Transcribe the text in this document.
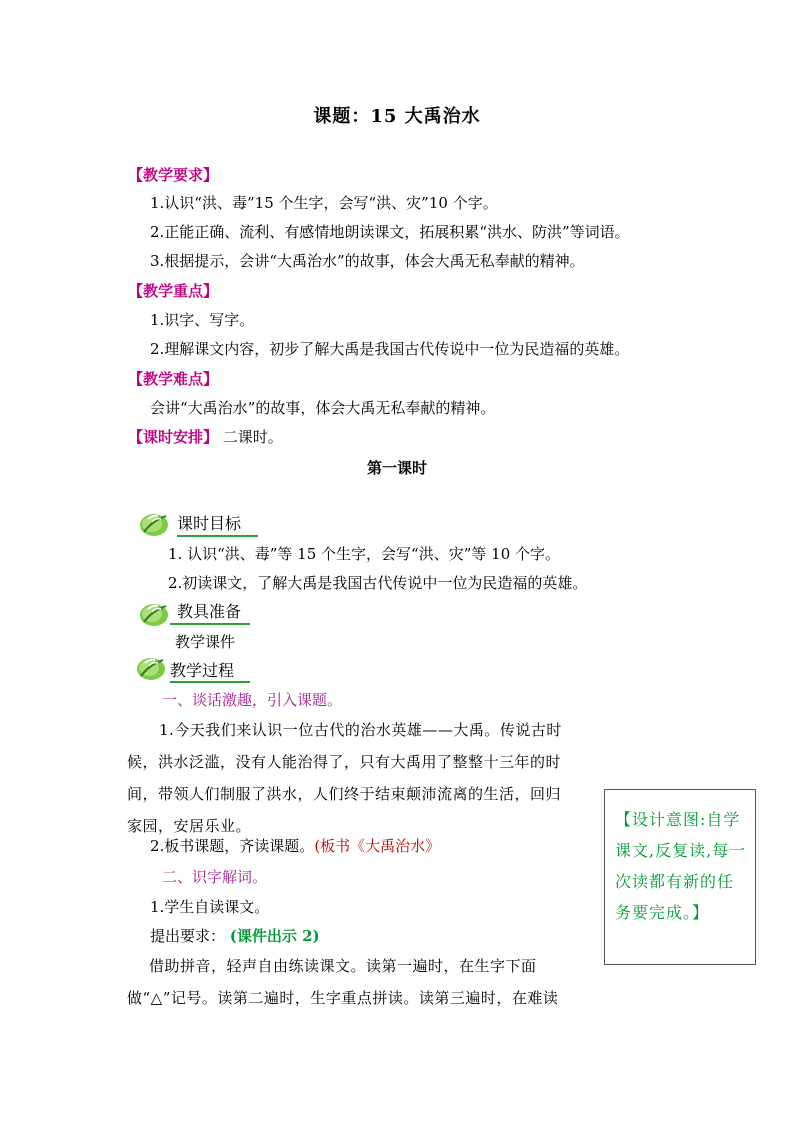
课题：15 大禹治水
【教学要求】
1.认识“洪、毒”15 个生字，会写“洪、灾”10 个字。
2.正能正确、流利、有感情地朗读课文，拓展积累“洪水、防洪”等词语。
3.根据提示，会讲“大禹治水”的故事，体会大禹无私奉献的精神。
【教学重点】
1.识字、写字。
2.理解课文内容，初步了解大禹是我国古代传说中一位为民造福的英雄。
【教学难点】
会讲“大禹治水”的故事，体会大禹无私奉献的精神。
【课时安排】 二课时。
第一课时
课时目标
1. 认识“洪、毒”等 15 个生字，会写“洪、灾”等 10 个字。
2.初读课文，了解大禹是我国古代传说中一位为民造福的英雄。
教具准备
教学课件
教学过程
一、谈话激趣，引入课题。
1.今天我们来认识一位古代的治水英雄——大禹。传说古时候，洪水泛滥，没有人能治得了，只有大禹用了整整十三年的时间，带领人们制服了洪水，人们终于结束颠沛流离的生活，回归家园，安居乐业。
2.板书课题，齐读课题。(板书《大禹治水》
二、识字解词。
1.学生自读课文。
提出要求： (课件出示 2)
借助拼音，轻声自由练读课文。读第一遍时，在生字下面做“△”记号。读第二遍时，生字重点拼读。读第三遍时，在难读
【设计意图:自学课文,反复读,每一次读都有新的任务要完成。】
